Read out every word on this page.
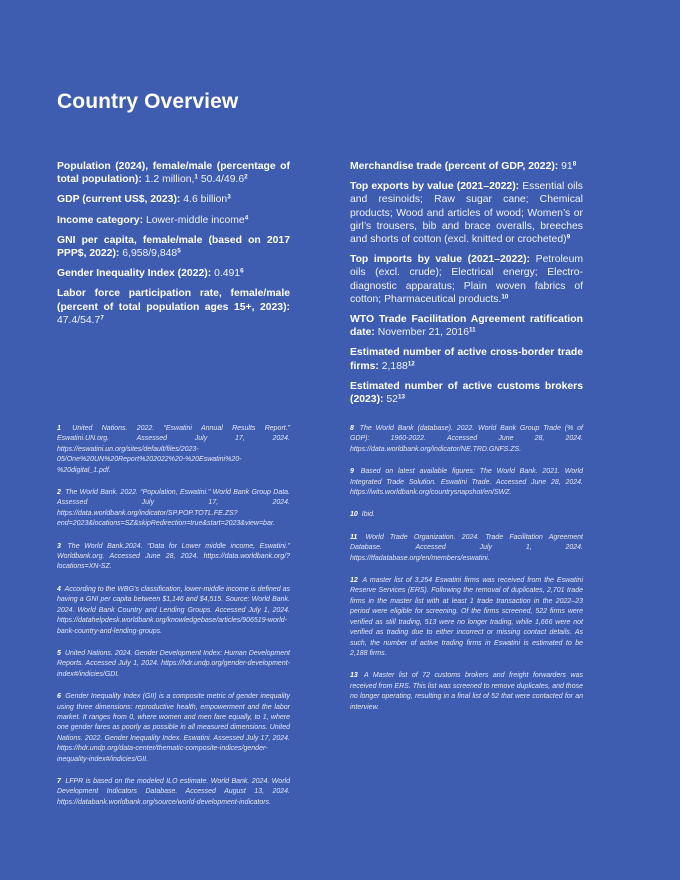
Country Overview

Population (2024), female/male (percentage of total population): 1.2 million,$^1$ 50.4/49.6$^2$

GDP (current US$, 2023): 4.6 billion$^3$

Income category: Lower-middle income$^4$

GNI per capita, female/male (based on 2017 PPP$, 2022): 6,958/9,848$^5$

Gender Inequality Index (2022): 0.491$^6$

Labor force participation rate, female/male (percent of total population ages 15+, 2023): 47.4/54.7$^7$

Merchandise trade (percent of GDP, 2022): 91$^8$

Top exports by value (2021–2022): Essential oils and resinoids; Raw sugar cane; Chemical products; Wood and articles of wood; Women’s or girl’s trousers, bib and brace overalls, breeches and shorts of cotton (excl. knitted or crocheted)$^9$

Top imports by value (2021–2022): Petroleum oils (excl. crude); Electrical energy; Electro-diagnostic apparatus; Plain woven fabrics of cotton; Pharmaceutical products.$^{10}$

WTO Trade Facilitation Agreement ratification date: November 21, 2016$^{11}$

Estimated number of active cross-border trade firms: 2,188$^{12}$

Estimated number of active customs brokers (2023): 52$^{13}$

1 United Nations. 2022. “Eswatini Annual Results Report.” Eswatini.UN.org. Assessed July 17, 2024. https://eswatini.un.org/sites/default/files/2023-05/One%20UN%20Report%202022%20-%20Eswatini%20-%20digital_1.pdf.

2 The World Bank. 2022. “Population, Eswatini.” World Bank Group Data. Assessed July 17, 2024. https://data.worldbank.org/indicator/SP.POP.TOTL.FE.ZS?end=2023&locations=SZ&skipRedirection=true&start=2023&view=bar.

3 The World Bank.2024. “Data for Lower middle income, Eswatini.” Worldbank.org. Accessed June 28, 2024. https://data.worldbank.org/?locations=XN-SZ.

4 According to the WBG’s classification, lower-middle income is defined as having a GNI per capita between $1,146 and $4,515. Source: World Bank. 2024. World Bank Country and Lending Groups. Accessed July 1, 2024. https://datahelpdesk.worldbank.org/knowledgebase/articles/906519-world-bank-country-and-lending-groups.

5 United Nations. 2024. Gender Development Index: Human Development Reports. Accessed July 1, 2024. https://hdr.undp.org/gender-development-index#/indicies/GDI.

6 Gender Inequality Index (GII) is a composite metric of gender inequality using three dimensions: reproductive health, empowerment and the labor market. It ranges from 0, where women and men fare equally, to 1, where one gender fares as poorly as possible in all measured dimensions. United Nations. 2022. Gender Inequality Index. Eswatini. Assessed July 17, 2024. https://hdr.undp.org/data-center/thematic-composite-indices/gender-inequality-index#/indicies/GII.

7 LFPR is based on the modeled ILO estimate. World Bank. 2024. World Development Indicators Database. Accessed August 13, 2024. https://databank.worldbank.org/source/world-development-indicators.

8 The World Bank (database). 2022. World Bank Group Trade (% of GDP): 1960-2022. Accessed June 28, 2024. https://data.worldbank.org/indicator/NE.TRD.GNFS.ZS.

9 Based on latest available figures: The World Bank. 2021. World Integrated Trade Solution. Eswatini Trade. Accessed June 28, 2024. https://wits.worldbank.org/countrysnapshot/en/SWZ.

10 Ibid.

11 World Trade Organization. 2024. Trade Facilitation Agreement Database. Accessed July 1, 2024. https://tfadatabase.org/en/members/eswatini.

12 A master list of 3,254 Eswatini firms was received from the Eswatini Reserve Services (ERS). Following the removal of duplicates, 2,701 trade firms in the master list with at least 1 trade transaction in the 2022–23 period were eligible for screening. Of the firms screened, 522 firms were verified as still trading, 513 were no longer trading, while 1,666 were not verified as trading due to either incorrect or missing contact details. As such, the number of active trading firms in Eswatini is estimated to be 2,188 firms.

13 A Master list of 72 customs brokers and freight forwarders was received from ERS. This list was screened to remove duplicates, and those no longer operating, resulting in a final list of 52 that were contacted for an interview.
